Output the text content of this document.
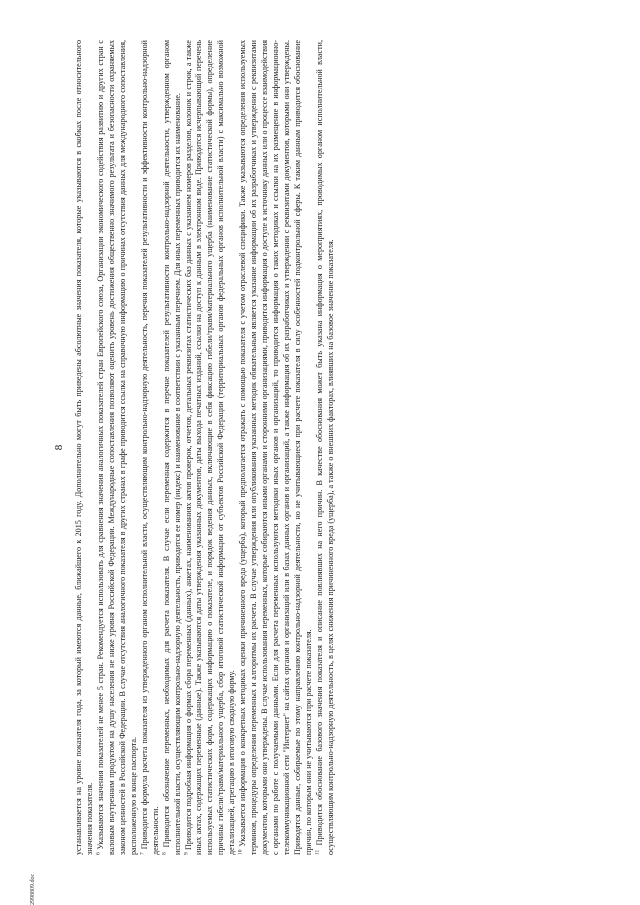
8 устанавливается на уровне показателя года, за который имеются данные, ближайшего к 2015 году. Дополнительно могут быть приведены абсолютные значения показателя, которые указываются в скобках после относительного значения показателя. $^6$ Указываются значения показателей не менее 5 стран. Рекомендуется использовать для сравнения значения аналогичных показателей стран Европейского союза, Организации экономического содействия развитию и других стран с валовым внутренним продуктом на душу населения не ниже уровня Российской Федерации. Международные сопоставления позволяют оценить уровень достижения общественно значимого результата и безопасности охраняемых законом ценностей в Российской Федерации. В случае отсутствия аналогичного показателя в других странах в графе приводится ссылка на справочную информацию о причинах отсутствия данных для международного сопоставления, расположенную в конце паспорта. $^7$ Приводится формула расчета показателя из утвержденного органом исполнительной власти, осуществляющим контрольно-надзорную деятельность, перечня показателей результативности и эффективности контрольно-надзорной деятельности. $^8$ Приводится обозначение переменных, необходимых для расчета показателя. В случае если переменная содержится в перечне показателей результативности контрольно-надзорной деятельности, утвержденном органом исполнительной власти, осуществляющим контрольно-надзорную деятельность, приводится ее номер (индекс) и наименование в соответствии с указанным перечнем. Для иных переменных приводится их наименование. $^9$ Приводится подробная информация о формах сбора переменных (данных), анкетах, наименованиях актов проверок, отчетов, детальных реквизитах статистических баз данных с указанием номеров разделов, колонок и строк, а также иных актах, содержащих переменные (данные). Также указываются даты утверждения указанных документов, даты выхода печатных изданий, ссылки на доступ к данным в электронном виде. Приводится исчерпывающий перечень используемых статистических форм, содержащих информацию о показателе, и порядок ведения данных, включающие в себя фиксацию гибели/травм/материального ущерба (наименование статистической формы), определение причины гибели/травм/материального ущерба, сбор итоговой статистической информации от субъектов Российской Федерации (территориальных органов федеральных органов исполнительной власти) с максимально возможной детализацией, агрегацию в итоговую сводную форму. $^{10}$ Указывается информация о конкретных методиках оценки причиненного вреда (ущерба), который предполагается отражать с помощью показателя с учетом отраслевой специфики. Также указываются определения используемых терминов, процедуры определения переменных и алгоритмы их расчета. В случае утверждения или опубликования указанных методик обязательным является указание информации об их разработчиках и утверждении с реквизитами документов, которыми они утверждены. В случае использования переменных, которые собираются иными органами и сторонними организациями, приводится информация о доступе к источнику данных или о процессе взаимодействия с органами по работе с получаемыми данными. Если для расчета переменных используются методики иных органов и организаций, то приводится информация о таких методиках и ссылки на их размещение в информационно-телекоммуникационной сети "Интернет" на сайтах органов и организаций или в базах данных органов и организаций, а также информация об их разработчиках и утверждении с реквизитами документов, которыми они утверждены. Приводятся данные, собираемые по этому направлению контрольно-надзорной деятельности, но не учитывающиеся при расчете показателя в силу особенностей подконтрольной сферы. К таким данным приводится обоснование причин, по которым они не учитываются при расчете показателя. $^{11}$ Приводится обоснование базового значения показателя и описание повлиявших на него причин. В качестве обоснования может быть указана информация о мероприятиях, проводимых органом исполнительной власти, осуществляющим контрольно-надзорную деятельность, в целях снижения причиненного вреда (ущерба), а также о внешних факторах, влиявших на базовое значение показателя.

2998809.doc
